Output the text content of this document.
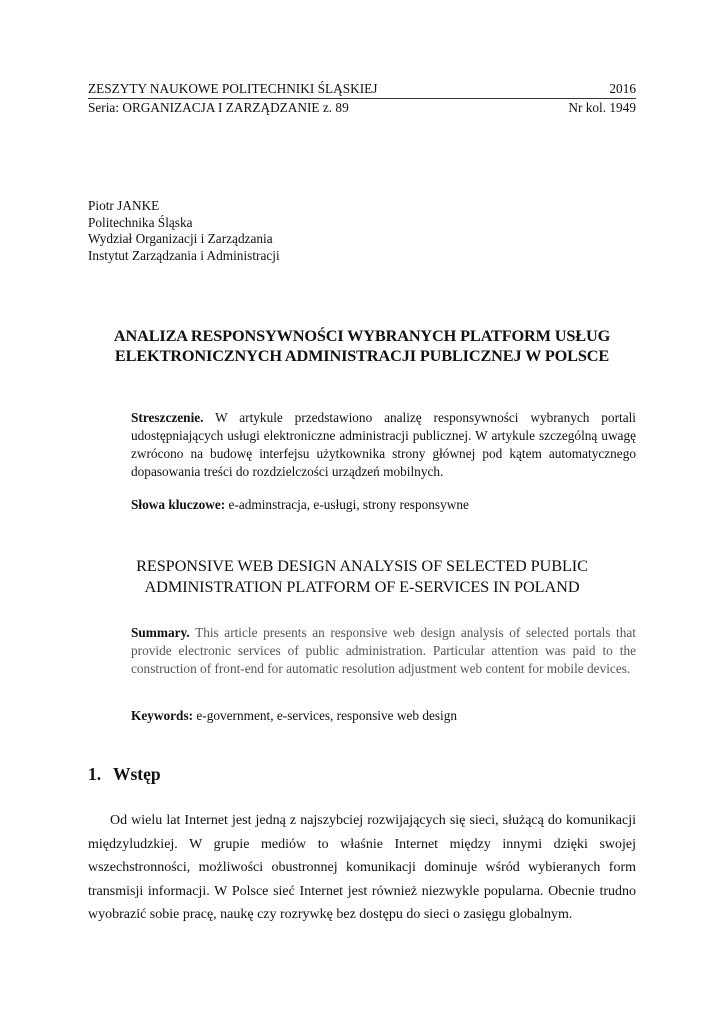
ZESZYTY NAUKOWE POLITECHNIKI ŚLĄSKIEJ	2016
Seria: ORGANIZACJA I ZARZĄDZANIE z. 89	Nr kol. 1949
Piotr JANKE
Politechnika Śląska
Wydział Organizacji i Zarządzania
Instytut Zarządzania i Administracji
ANALIZA RESPONSYWNOŚCI WYBRANYCH PLATFORM USŁUG
ELEKTRONICZNYCH ADMINISTRACJI PUBLICZNEJ W POLSCE
Streszczenie. W artykule przedstawiono analizę responsywności wybranych portali udostępniających usługi elektroniczne administracji publicznej. W artykule szczególną uwagę zwrócono na budowę interfejsu użytkownika strony głównej pod kątem automatycznego dopasowania treści do rozdzielczości urządzeń mobilnych.
Słowa kluczowe: e-adminstracja, e-usługi, strony responsywne
RESPONSIVE WEB DESIGN ANALYSIS OF SELECTED PUBLIC
ADMINISTRATION PLATFORM OF E-SERVICES IN POLAND
Summary. This article presents an responsive web design analysis of selected portals that provide electronic services of public administration. Particular attention was paid to the construction of front-end for automatic resolution adjustment web content for mobile devices.
Keywords: e-government, e-services, responsive web design
1. Wstęp

Od wielu lat Internet jest jedną z najszybciej rozwijających się sieci, służącą do komunikacji międzyludzkiej. W grupie mediów to właśnie Internet między innymi dzięki swojej wszechstronności, możliwości obustronnej komunikacji dominuje wśród wybieranych form transmisji informacji. W Polsce sieć Internet jest również niezwykle popularna. Obecnie trudno wyobrazić sobie pracę, naukę czy rozrywkę bez dostępu do sieci o zasięgu globalnym.
